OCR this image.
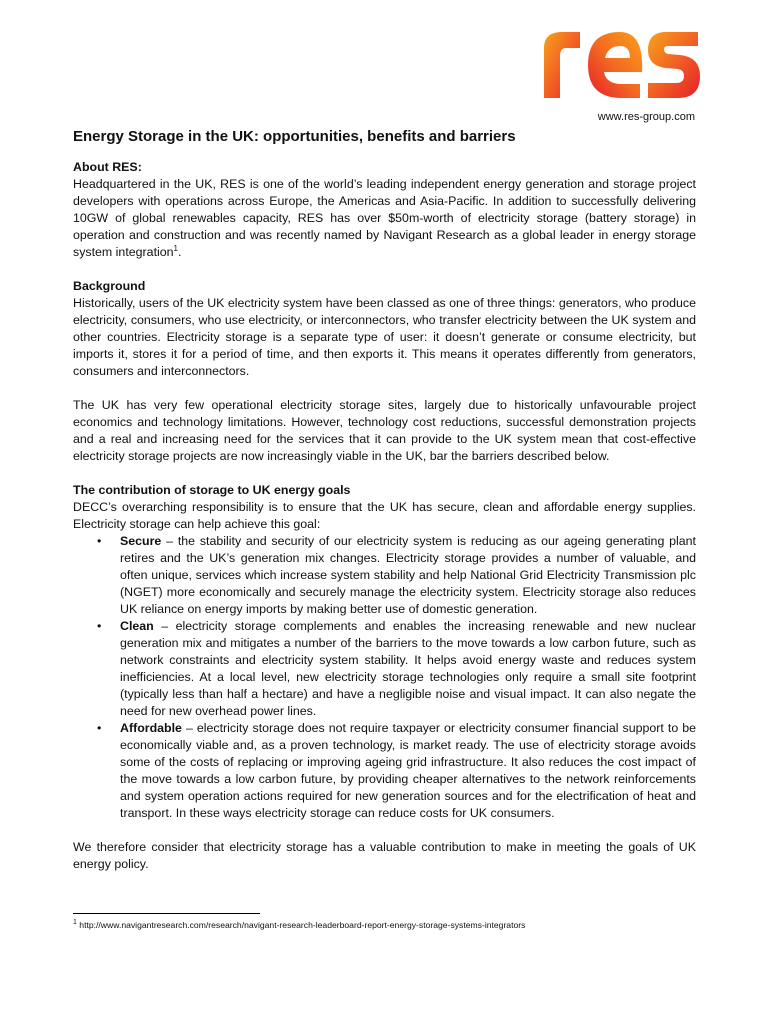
www.res-group.com
Energy Storage in the UK: opportunities, benefits and barriers
About RES:

Headquartered in the UK, RES is one of the world’s leading independent energy generation and storage project developers with operations across Europe, the Americas and Asia-Pacific. In addition to successfully delivering 10GW of global renewables capacity, RES has over $50m-worth of electricity storage (battery storage) in operation and construction and was recently named by Navigant Research as a global leader in energy storage system integration$^1$.

Background

Historically, users of the UK electricity system have been classed as one of three things: generators, who produce electricity, consumers, who use electricity, or interconnectors, who transfer electricity between the UK system and other countries. Electricity storage is a separate type of user: it doesn’t generate or consume electricity, but imports it, stores it for a period of time, and then exports it. This means it operates differently from generators, consumers and interconnectors.

The UK has very few operational electricity storage sites, largely due to historically unfavourable project economics and technology limitations. However, technology cost reductions, successful demonstration projects and a real and increasing need for the services that it can provide to the UK system mean that cost-effective electricity storage projects are now increasingly viable in the UK, bar the barriers described below.

The contribution of storage to UK energy goals

DECC’s overarching responsibility is to ensure that the UK has secure, clean and affordable energy supplies. Electricity storage can help achieve this goal:

• Secure – the stability and security of our electricity system is reducing as our ageing generating plant retires and the UK’s generation mix changes. Electricity storage provides a number of valuable, and often unique, services which increase system stability and help National Grid Electricity Transmission plc (NGET) more economically and securely manage the electricity system. Electricity storage also reduces UK reliance on energy imports by making better use of domestic generation.
• Clean – electricity storage complements and enables the increasing renewable and new nuclear generation mix and mitigates a number of the barriers to the move towards a low carbon future, such as network constraints and electricity system stability. It helps avoid energy waste and reduces system inefficiencies. At a local level, new electricity storage technologies only require a small site footprint (typically less than half a hectare) and have a negligible noise and visual impact. It can also negate the need for new overhead power lines.
• Affordable – electricity storage does not require taxpayer or electricity consumer financial support to be economically viable and, as a proven technology, is market ready. The use of electricity storage avoids some of the costs of replacing or improving ageing grid infrastructure. It also reduces the cost impact of the move towards a low carbon future, by providing cheaper alternatives to the network reinforcements and system operation actions required for new generation sources and for the electrification of heat and transport. In these ways electricity storage can reduce costs for UK consumers.

We therefore consider that electricity storage has a valuable contribution to make in meeting the goals of UK energy policy.

$^1$ http://www.navigantresearch.com/research/navigant-research-leaderboard-report-energy-storage-systems-integrators
